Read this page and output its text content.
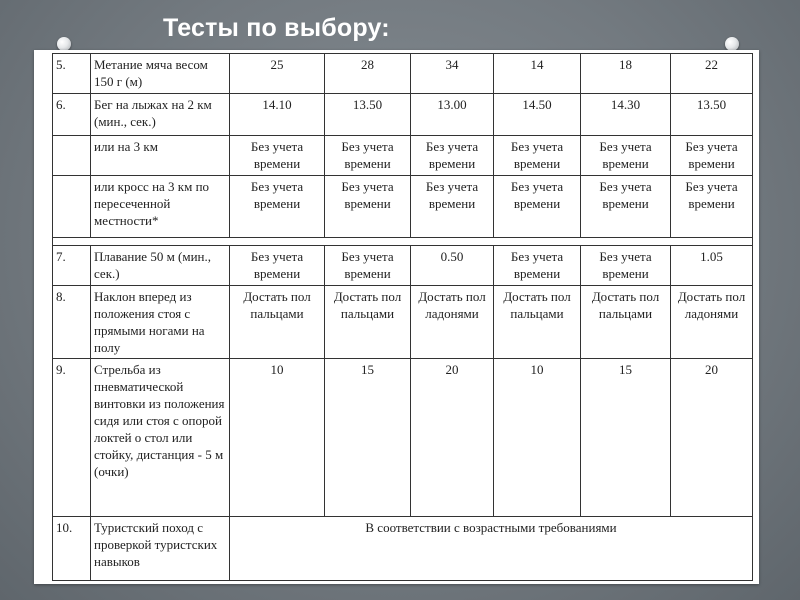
Тесты по выбору:
5.	Метание мяча весом 150 г (м)	25	28	34	14	18	22
6.	Бег на лыжах на 2 км (мин., сек.)	14.10	13.50	13.00	14.50	14.30	13.50
	или на 3 км	Без учета времени	Без учета времени	Без учета времени	Без учета времени	Без учета времени	Без учета времени
	или кросс на 3 км по пересеченной местности*	Без учета времени	Без учета времени	Без учета времени	Без учета времени	Без учета времени	Без учета времени

7.	Плавание 50 м (мин., сек.)	Без учета времени	Без учета времени	0.50	Без учета времени	Без учета времени	1.05
8.	Наклон вперед из положения стоя с прямыми ногами на полу	Достать пол пальцами	Достать пол пальцами	Достать пол ладонями	Достать пол пальцами	Достать пол пальцами	Достать пол ладонями
9.	Стрельба из пневматической винтовки из положения сидя или стоя с опорой локтей о стол или стойку, дистанция - 5 м (очки)	10	15	20	10	15	20
10.	Туристский поход с проверкой туристских навыков	В соответствии с возрастными требованиями					
